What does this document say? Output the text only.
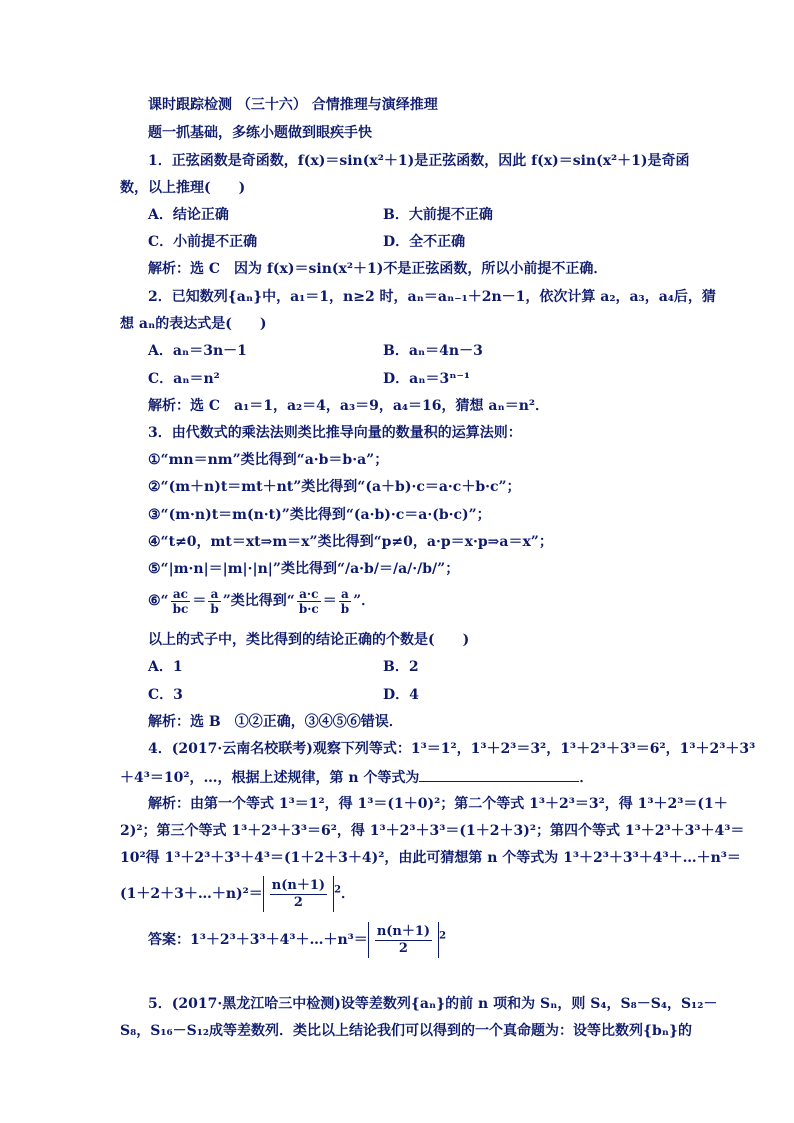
课时跟踪检测 （三十六） 合情推理与演绎推理
题一抓基础，多练小题做到眼疾手快
1．正弦函数是奇函数，f(x)＝sin(x²＋1)是正弦函数，因此 f(x)＝sin(x²＋1)是奇函
数，以上推理(　　)
A．结论正确	B．大前提不正确
C．小前提不正确	D．全不正确
解析：选 C　因为 f(x)＝sin(x²＋1)不是正弦函数，所以小前提不正确．
2．已知数列{aₙ}中，a₁＝1，n≥2 时，aₙ＝aₙ₋₁＋2n－1，依次计算 a₂，a₃，a₄后，猜
想 aₙ的表达式是(　　)
A．aₙ＝3n－1	B．aₙ＝4n－3
C．aₙ＝n²	D．aₙ＝3ⁿ⁻¹
解析：选 C　a₁＝1，a₂＝4，a₃＝9，a₄＝16，猜想 aₙ＝n²．
3．由代数式的乘法法则类比推导向量的数量积的运算法则：
①“mn＝nm”类比得到“a·b＝b·a”；
②“(m＋n)t＝mt＋nt”类比得到“(a＋b)·c＝a·c＋b·c”；
③“(m·n)t＝m(n·t)”类比得到“(a·b)·c＝a·(b·c)”；
④“t≠0，mt＝xt⇒m＝x”类比得到“p≠0，a·p＝x·p⇒a＝x”；
⑤“|m·n|＝|m|·|n|”类比得到“/a·b/＝/a/·/b/”；
⑥“ $\frac{ac}{bc} = \frac{a}{b}$ ”类比得到“ $\frac{a\cdot c}{b\cdot c} = \frac{a}{b}$ ”．
以上的式子中，类比得到的结论正确的个数是(　　)
A．1	B．2
C．3	D．4
解析：选 B　①②正确，③④⑤⑥错误．
4．(2017·云南名校联考)观察下列等式：1³＝1²，1³＋2³＝3²，1³＋2³＋3³＝6²，1³＋2³＋3³
＋4³＝10²，…，根据上述规律，第 n 个等式为	．
解析：由第一个等式 1³＝1²，得 1³＝(1＋0)²；第二个等式 1³＋2³＝3²，得 1³＋2³＝(1＋
2)²；第三个等式 1³＋2³＋3³＝6²，得 1³＋2³＋3³＝(1＋2＋3)²；第四个等式 1³＋2³＋3³＋4³＝
10²得 1³＋2³＋3³＋4³＝(1＋2＋3＋4)²，由此可猜想第 n 个等式为 1³＋2³＋3³＋4³＋…＋n³＝
(1＋2＋3＋…＋n)²＝ $\frac{n(n+1)}{2} ^2$．
答案：1³＋2³＋3³＋4³＋…＋n³＝ $\frac{n(n+1)}{2} ^2$
5．(2017·黑龙江哈三中检测)设等差数列{aₙ}的前 n 项和为 Sₙ，则 S₄，S₈－S₄，S₁₂－
S₈，S₁₆－S₁₂成等差数列．类比以上结论我们可以得到的一个真命题为：设等比数列{bₙ}的
